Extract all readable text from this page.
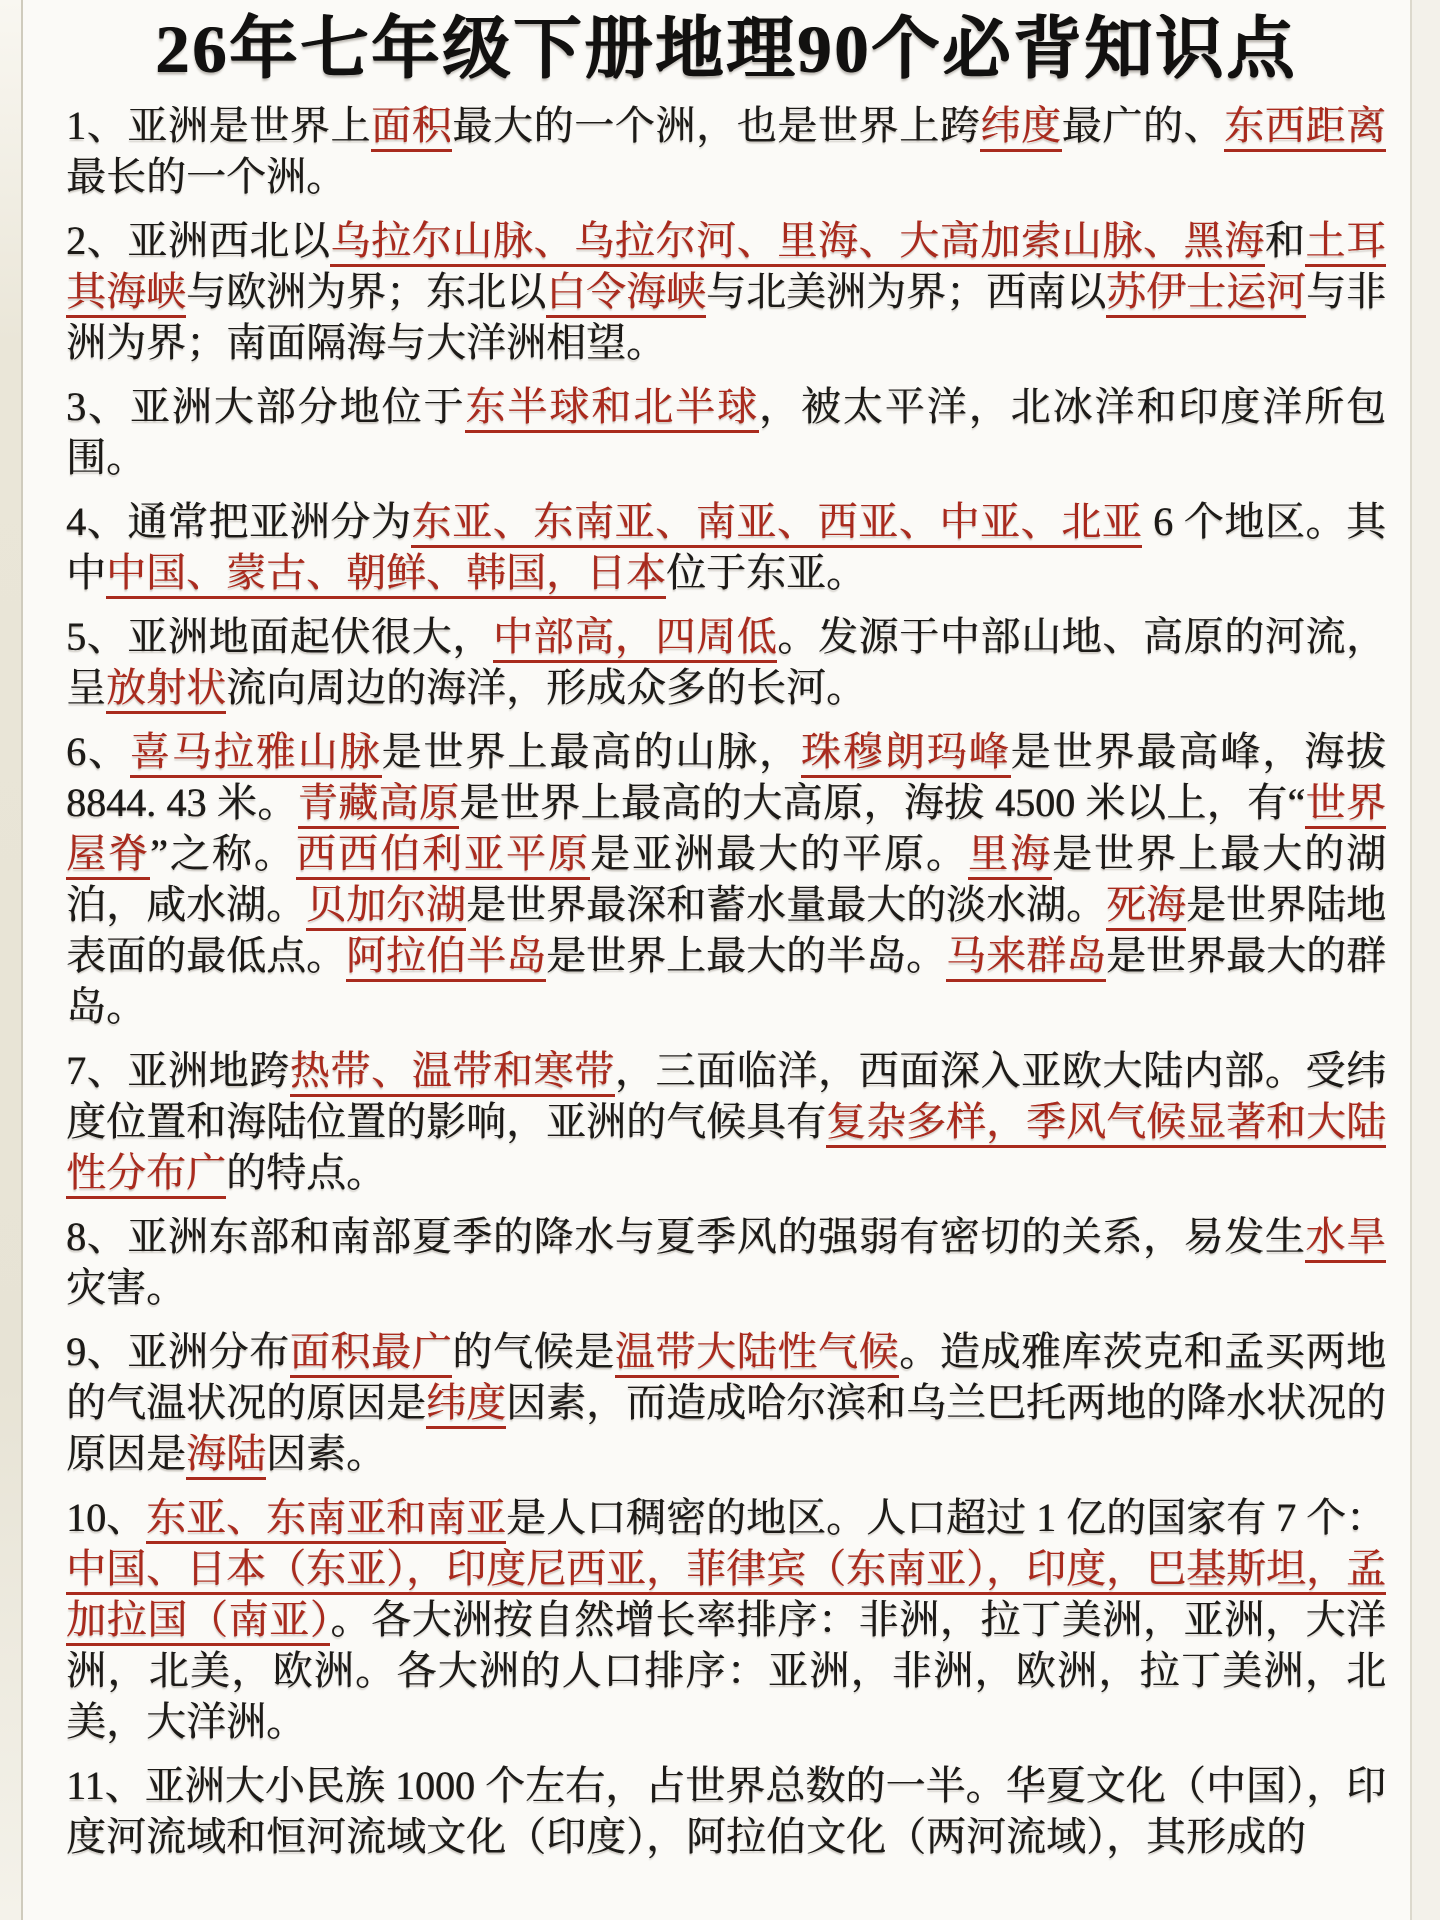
26年七年级下册地理90个必背知识点

1、亚洲是世界上面积最大的一个洲，也是世界上跨纬度最广的、东西距离最长的一个洲。

2、亚洲西北以乌拉尔山脉、乌拉尔河、里海、大高加索山脉、黑海和土耳其海峡与欧洲为界；东北以白令海峡与北美洲为界；西南以苏伊士运河与非洲为界；南面隔海与大洋洲相望。

3、亚洲大部分地位于东半球和北半球，被太平洋，北冰洋和印度洋所包围。

4、通常把亚洲分为东亚、东南亚、南亚、西亚、中亚、北亚 6 个地区。其中中国、蒙古、朝鲜、韩国，日本位于东亚。

5、亚洲地面起伏很大，中部高，四周低。发源于中部山地、高原的河流，呈放射状流向周边的海洋，形成众多的长河。

6、喜马拉雅山脉是世界上最高的山脉，珠穆朗玛峰是世界最高峰，海拔 8844. 43 米。青藏高原是世界上最高的大高原，海拔 4500 米以上，有“世界屋脊”之称。西西伯利亚平原是亚洲最大的平原。里海是世界上最大的湖泊，咸水湖。贝加尔湖是世界最深和蓄水量最大的淡水湖。死海是世界陆地表面的最低点。阿拉伯半岛是世界上最大的半岛。马来群岛是世界最大的群岛。

7、亚洲地跨热带、温带和寒带，三面临洋，西面深入亚欧大陆内部。受纬度位置和海陆位置的影响，亚洲的气候具有复杂多样，季风气候显著和大陆性分布广的特点。

8、亚洲东部和南部夏季的降水与夏季风的强弱有密切的关系，易发生水旱灾害。

9、亚洲分布面积最广的气候是温带大陆性气候。造成雅库茨克和孟买两地的气温状况的原因是纬度因素，而造成哈尔滨和乌兰巴托两地的降水状况的原因是海陆因素。

10、东亚、东南亚和南亚是人口稠密的地区。人口超过 1 亿的国家有 7 个：中国、日本（东亚），印度尼西亚，菲律宾（东南亚），印度，巴基斯坦，孟加拉国（南亚）。各大洲按自然增长率排序：非洲，拉丁美洲，亚洲，大洋洲，北美，欧洲。各大洲的人口排序：亚洲，非洲，欧洲，拉丁美洲，北美，大洋洲。

11、亚洲大小民族 1000 个左右，占世界总数的一半。华夏文化（中国），印度河流域和恒河流域文化（印度），阿拉伯文化（两河流域），其形成的
